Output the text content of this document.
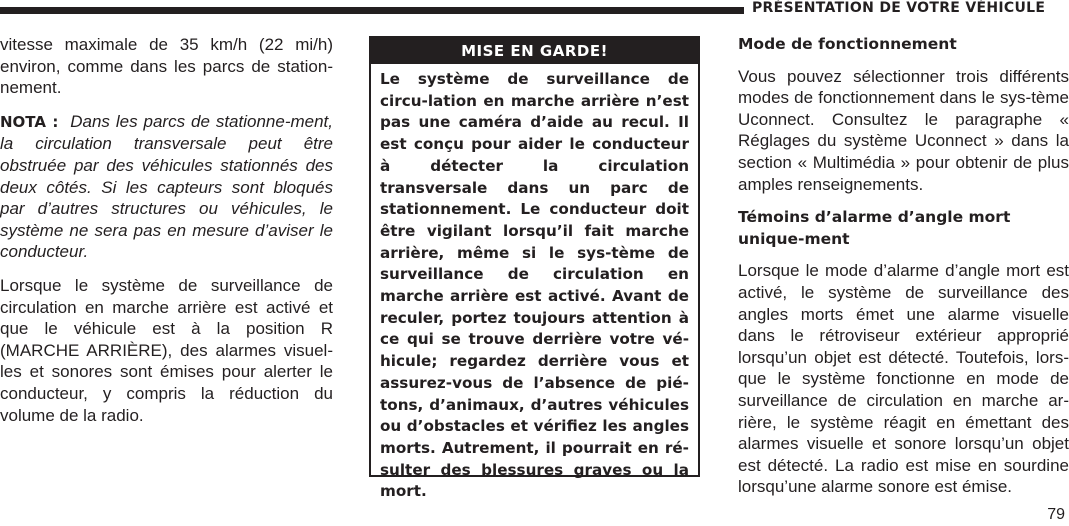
PRÉSENTATION DE VOTRE VÉHICULE

vitesse maximale de 35 km/h (22 mi/h) environ, comme dans les parcs de station-nement.

NOTA : Dans les parcs de stationne-ment, la circulation transversale peut être obstruée par des véhicules stationnés des deux côtés. Si les capteurs sont bloqués par d’autres structures ou véhicules, le système ne sera pas en mesure d’aviser le conducteur.

Lorsque le système de surveillance de circulation en marche arrière est activé et que le véhicule est à la position R (MARCHE ARRIÈRE), des alarmes visuel-les et sonores sont émises pour alerter le conducteur, y compris la réduction du volume de la radio.

MISE EN GARDE!
Le système de surveillance de circu-lation en marche arrière n’est pas une caméra d’aide au recul. Il est conçu pour aider le conducteur à détecter la circulation transversale dans un parc de stationnement. Le conducteur doit être vigilant lorsqu’il fait marche arrière, même si le sys-tème de surveillance de circulation en marche arrière est activé. Avant de reculer, portez toujours attention à ce qui se trouve derrière votre vé-hicule; regardez derrière vous et assurez-vous de l’absence de pié-tons, d’animaux, d’autres véhicules ou d’obstacles et vérifiez les angles morts. Autrement, il pourrait en ré-sulter des blessures graves ou la mort.
Mode de fonctionnement

Vous pouvez sélectionner trois différents modes de fonctionnement dans le sys-tème Uconnect. Consultez le paragraphe « Réglages du système Uconnect » dans la section « Multimédia » pour obtenir de plus amples renseignements.

Témoins d’alarme d’angle mort unique-ment

Lorsque le mode d’alarme d’angle mort est activé, le système de surveillance des angles morts émet une alarme visuelle dans le rétroviseur extérieur approprié lorsqu’un objet est détecté. Toutefois, lors-que le système fonctionne en mode de surveillance de circulation en marche ar-rière, le système réagit en émettant des alarmes visuelle et sonore lorsqu’un objet est détecté. La radio est mise en sourdine lorsqu’une alarme sonore est émise.

79
